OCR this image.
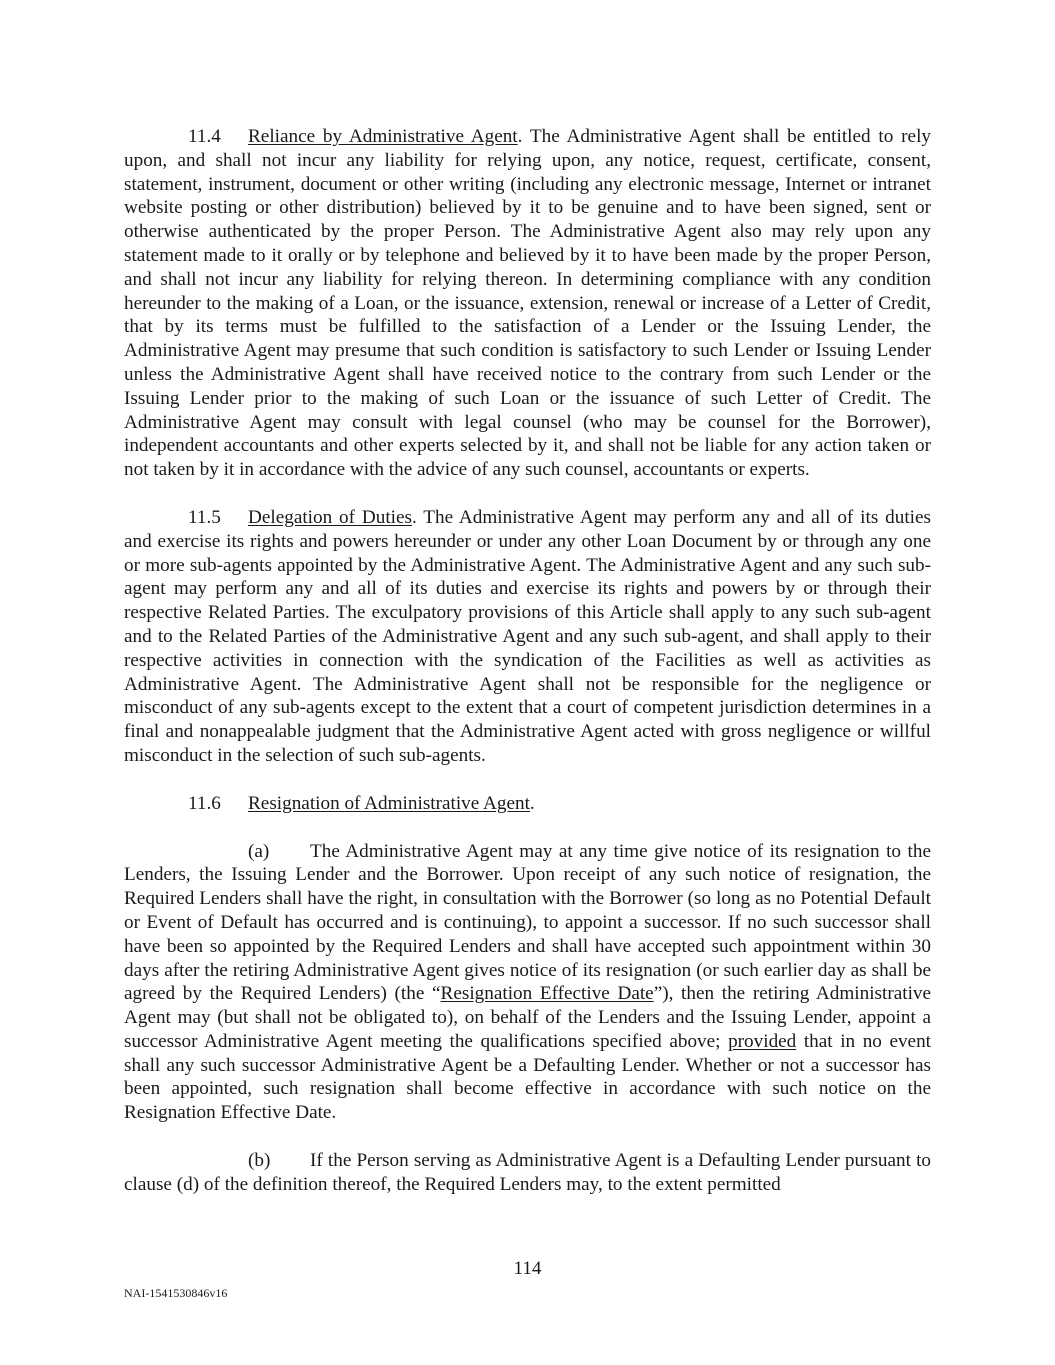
11.4 Reliance by Administrative Agent. The Administrative Agent shall be entitled to rely upon, and shall not incur any liability for relying upon, any notice, request, certificate, consent, statement, instrument, document or other writing (including any electronic message, Internet or intranet website posting or other distribution) believed by it to be genuine and to have been signed, sent or otherwise authenticated by the proper Person. The Administrative Agent also may rely upon any statement made to it orally or by telephone and believed by it to have been made by the proper Person, and shall not incur any liability for relying thereon. In determining compliance with any condition hereunder to the making of a Loan, or the issuance, extension, renewal or increase of a Letter of Credit, that by its terms must be fulfilled to the satisfaction of a Lender or the Issuing Lender, the Administrative Agent may presume that such condition is satisfactory to such Lender or Issuing Lender unless the Administrative Agent shall have received notice to the contrary from such Lender or the Issuing Lender prior to the making of such Loan or the issuance of such Letter of Credit. The Administrative Agent may consult with legal counsel (who may be counsel for the Borrower), independent accountants and other experts selected by it, and shall not be liable for any action taken or not taken by it in accordance with the advice of any such counsel, accountants or experts.

11.5 Delegation of Duties. The Administrative Agent may perform any and all of its duties and exercise its rights and powers hereunder or under any other Loan Document by or through any one or more sub-agents appointed by the Administrative Agent. The Administrative Agent and any such sub-agent may perform any and all of its duties and exercise its rights and powers by or through their respective Related Parties. The exculpatory provisions of this Article shall apply to any such sub-agent and to the Related Parties of the Administrative Agent and any such sub-agent, and shall apply to their respective activities in connection with the syndication of the Facilities as well as activities as Administrative Agent. The Administrative Agent shall not be responsible for the negligence or misconduct of any sub-agents except to the extent that a court of competent jurisdiction determines in a final and nonappealable judgment that the Administrative Agent acted with gross negligence or willful misconduct in the selection of such sub-agents.

11.6 Resignation of Administrative Agent.

(a) The Administrative Agent may at any time give notice of its resignation to the Lenders, the Issuing Lender and the Borrower. Upon receipt of any such notice of resignation, the Required Lenders shall have the right, in consultation with the Borrower (so long as no Potential Default or Event of Default has occurred and is continuing), to appoint a successor. If no such successor shall have been so appointed by the Required Lenders and shall have accepted such appointment within 30 days after the retiring Administrative Agent gives notice of its resignation (or such earlier day as shall be agreed by the Required Lenders) (the “Resignation Effective Date”), then the retiring Administrative Agent may (but shall not be obligated to), on behalf of the Lenders and the Issuing Lender, appoint a successor Administrative Agent meeting the qualifications specified above; provided that in no event shall any such successor Administrative Agent be a Defaulting Lender. Whether or not a successor has been appointed, such resignation shall become effective in accordance with such notice on the Resignation Effective Date.

(b) If the Person serving as Administrative Agent is a Defaulting Lender pursuant to clause (d) of the definition thereof, the Required Lenders may, to the extent permitted

114
NAI-1541530846v16
